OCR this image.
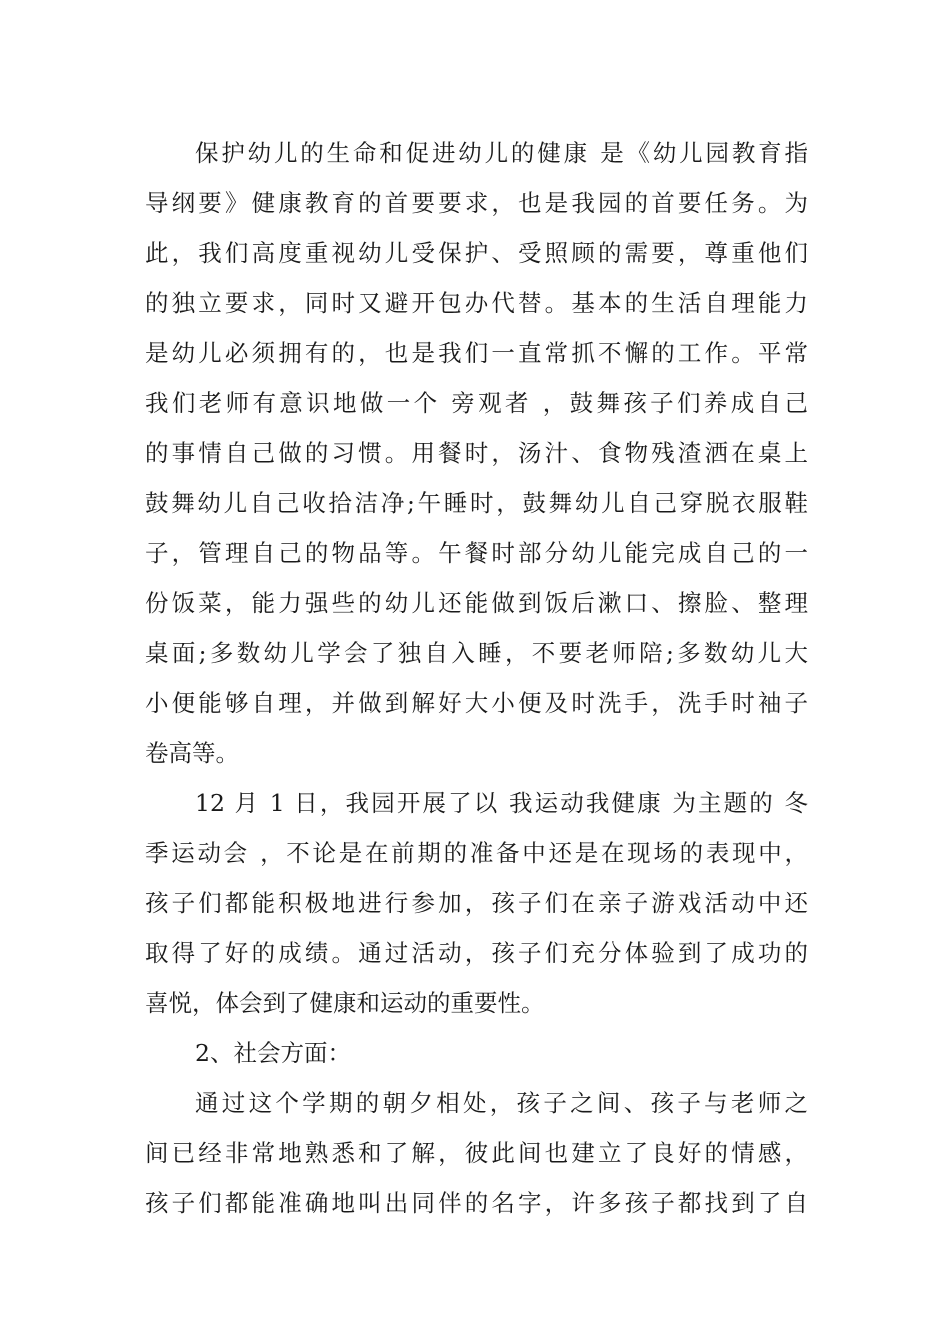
保护幼儿的生命和促进幼儿的健康 是《幼儿园教育指
导纲要》健康教育的首要要求，也是我园的首要任务。为
此，我们高度重视幼儿受保护、受照顾的需要，尊重他们
的独立要求，同时又避开包办代替。基本的生活自理能力
是幼儿必须拥有的，也是我们一直常抓不懈的工作。平常
我们老师有意识地做一个 旁观者 ，鼓舞孩子们养成自己
的事情自己做的习惯。用餐时，汤汁、食物残渣洒在桌上
鼓舞幼儿自己收拾洁净;午睡时，鼓舞幼儿自己穿脱衣服鞋
子，管理自己的物品等。午餐时部分幼儿能完成自己的一
份饭菜，能力强些的幼儿还能做到饭后漱口、擦脸、整理
桌面;多数幼儿学会了独自入睡，不要老师陪;多数幼儿大
小便能够自理，并做到解好大小便及时洗手，洗手时袖子
卷高等。
12 月 1 日，我园开展了以 我运动我健康 为主题的 冬
季运动会 ，不论是在前期的准备中还是在现场的表现中，
孩子们都能积极地进行参加，孩子们在亲子游戏活动中还
取得了好的成绩。通过活动，孩子们充分体验到了成功的
喜悦，体会到了健康和运动的重要性。
2、社会方面：
通过这个学期的朝夕相处，孩子之间、孩子与老师之
间已经非常地熟悉和了解，彼此间也建立了良好的情感，
孩子们都能准确地叫出同伴的名字，许多孩子都找到了自
